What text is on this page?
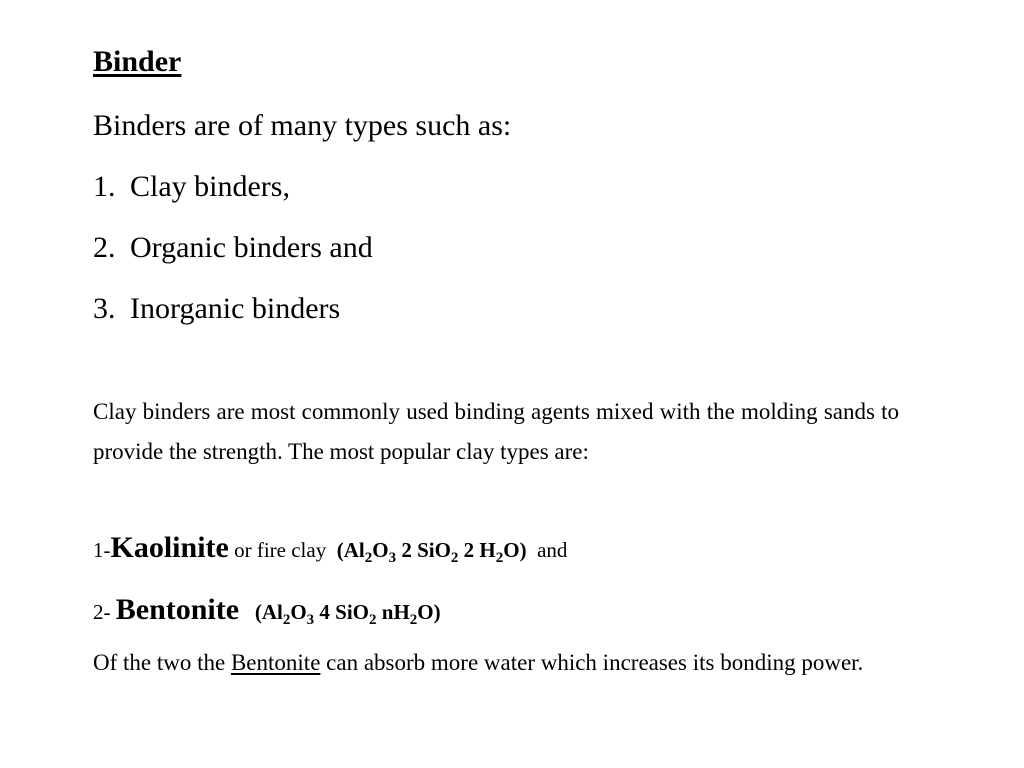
Binder
Binders are of many types such as:
1. Clay binders,
2. Organic binders and
3. Inorganic binders
Clay binders are most commonly used binding agents mixed with the molding sands to provide the strength. The most popular clay types are:
1-Kaolinite or fire clay ($Al_2O_3$ 2 SiO$_2$ 2 $H_2O$) and
2- Bentonite ($Al_2O_3$ 4 SiO$_2$ $nH_2O$)
Of the two the Bentonite can absorb more water which increases its bonding power.
